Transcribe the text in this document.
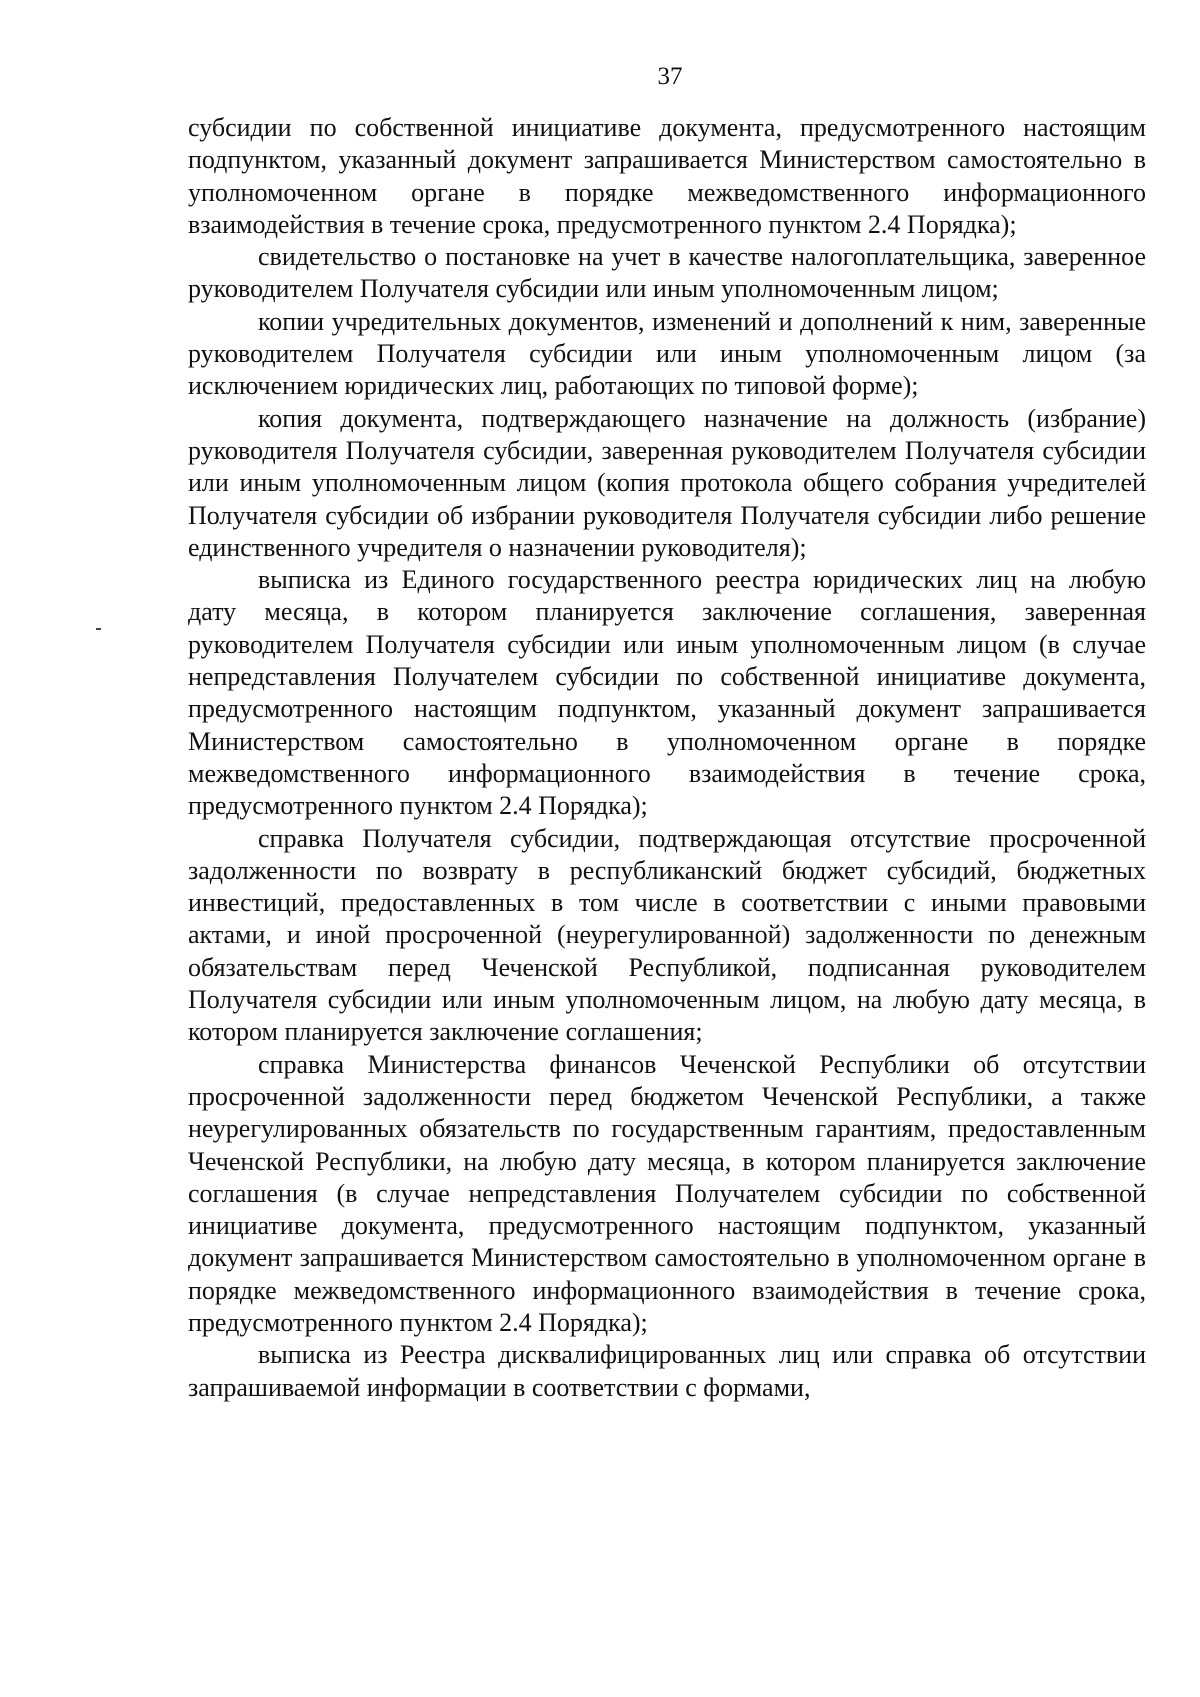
37

субсидии по собственной инициативе документа, предусмотренного настоящим подпунктом, указанный документ запрашивается Министерством самостоятельно в уполномоченном органе в порядке межведомственного информационного взаимодействия в течение срока, предусмотренного пунктом 2.4 Порядка);

свидетельство о постановке на учет в качестве налогоплательщика, заверенное руководителем Получателя субсидии или иным уполномоченным лицом;

копии учредительных документов, изменений и дополнений к ним, заверенные руководителем Получателя субсидии или иным уполномоченным лицом (за исключением юридических лиц, работающих по типовой форме);

копия документа, подтверждающего назначение на должность (избрание) руководителя Получателя субсидии, заверенная руководителем Получателя субсидии или иным уполномоченным лицом (копия протокола общего собрания учредителей Получателя субсидии об избрании руководителя Получателя субсидии либо решение единственного учредителя о назначении руководителя);

выписка из Единого государственного реестра юридических лиц на любую дату месяца, в котором планируется заключение соглашения, заверенная руководителем Получателя субсидии или иным уполномоченным лицом (в случае непредставления Получателем субсидии по собственной инициативе документа, предусмотренного настоящим подпунктом, указанный документ запрашивается Министерством самостоятельно в уполномоченном органе в порядке межведомственного информационного взаимодействия в течение срока, предусмотренного пунктом 2.4 Порядка);

справка Получателя субсидии, подтверждающая отсутствие просроченной задолженности по возврату в республиканский бюджет субсидий, бюджетных инвестиций, предоставленных в том числе в соответствии с иными правовыми актами, и иной просроченной (неурегулированной) задолженности по денежным обязательствам перед Чеченской Республикой, подписанная руководителем Получателя субсидии или иным уполномоченным лицом, на любую дату месяца, в котором планируется заключение соглашения;

справка Министерства финансов Чеченской Республики об отсутствии просроченной задолженности перед бюджетом Чеченской Республики, а также неурегулированных обязательств по государственным гарантиям, предоставленным Чеченской Республики, на любую дату месяца, в котором планируется заключение соглашения (в случае непредставления Получателем субсидии по собственной инициативе документа, предусмотренного настоящим подпунктом, указанный документ запрашивается Министерством самостоятельно в уполномоченном органе в порядке межведомственного информационного взаимодействия в течение срока, предусмотренного пунктом 2.4 Порядка);

выписка из Реестра дисквалифицированных лиц или справка об отсутствии запрашиваемой информации в соответствии с формами,
